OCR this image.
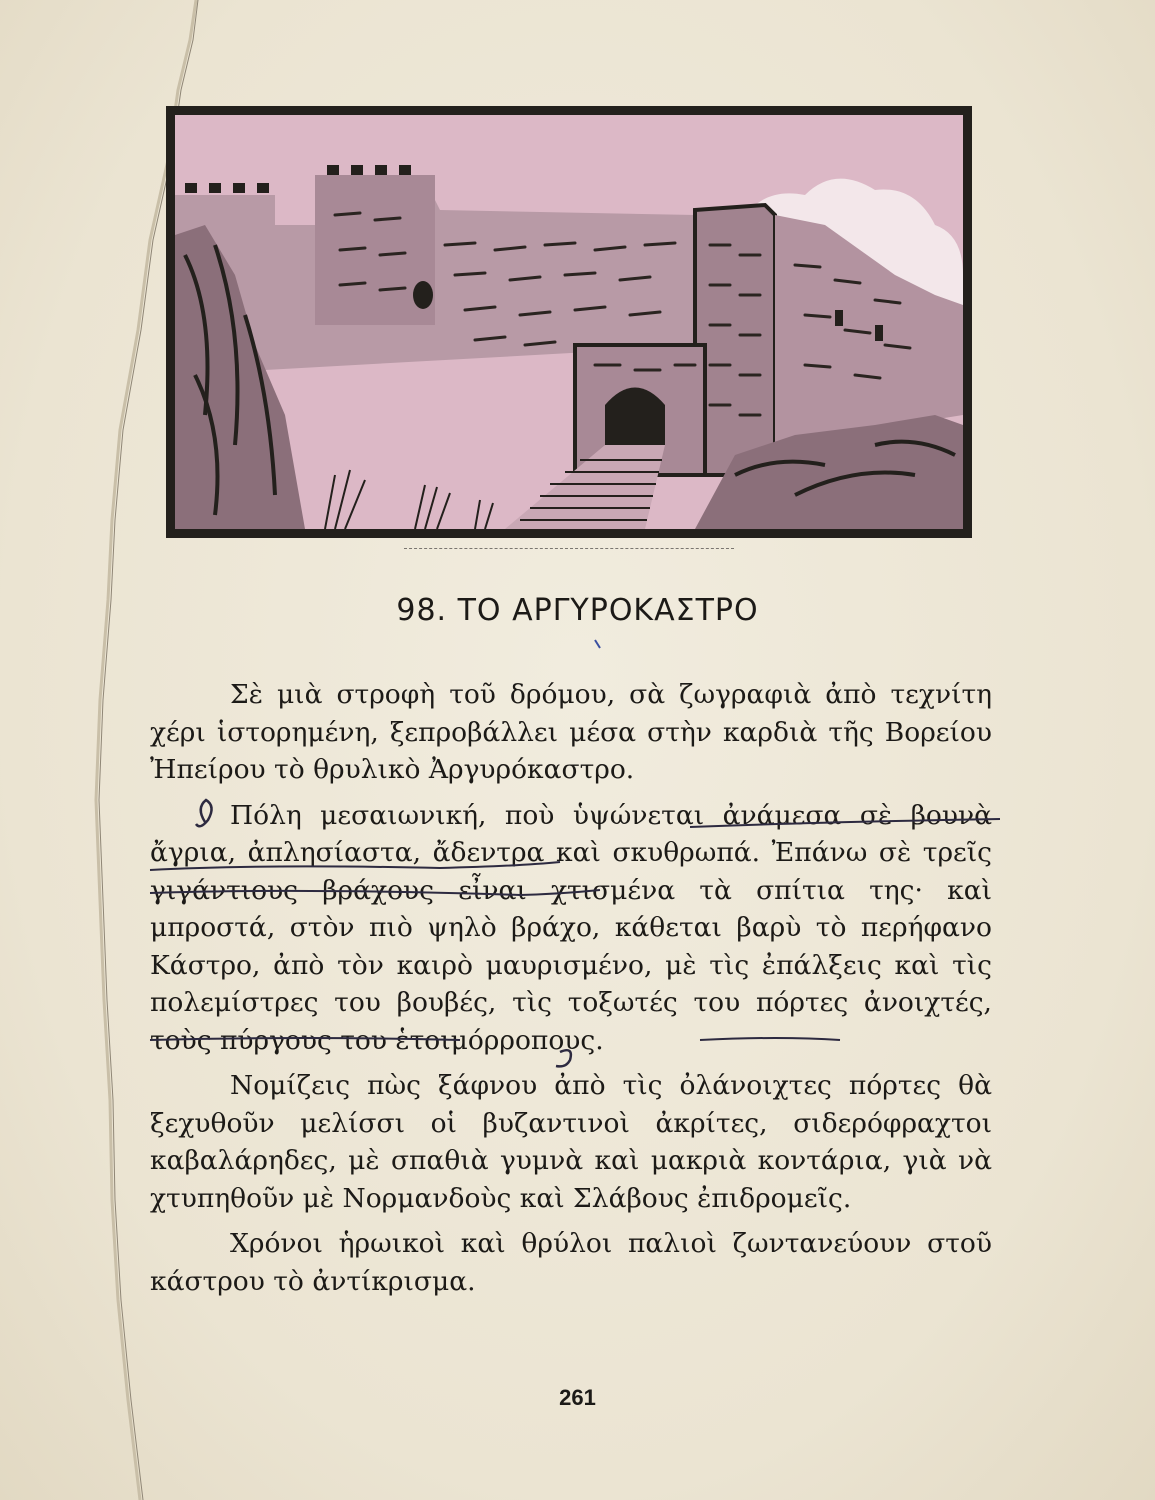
98. ΤΟ ΑΡΓΥΡΟΚΑΣΤΡΟ

Σὲ μιὰ στροφὴ τοῦ δρόμου, σὰ ζωγραφιὰ ἀπὸ τεχνίτη χέρι ἱστορημένη, ξεπροβάλλει μέσα στὴν καρδιὰ τῆς Βορείου Ἠπείρου τὸ θρυλικὸ Ἀργυρόκαστρο.

Πόλη μεσαιωνική, ποὺ ὑψώνεται ἀνάμεσα σὲ βουνὰ ἄγρια, ἀπλησίαστα, ἄδεντρα καὶ σκυθρωπά. Ἐπάνω σὲ τρεῖς γιγάντιους βράχους εἶναι χτισμένα τὰ σπίτια της· καὶ μπροστά, στὸν πιὸ ψηλὸ βράχο, κάθεται βαρὺ τὸ περήφανο Κάστρο, ἀπὸ τὸν καιρὸ μαυρισμένο, μὲ τὶς ἐπάλξεις καὶ τὶς πολεμίστρες του βουβές, τὶς τοξωτές του πόρτες ἀνοιχτές, τοὺς πύργους του ἑτοιμόρροπους.

Νομίζεις πὼς ξάφνου ἀπὸ τὶς ὀλάνοιχτες πόρτες θὰ ξεχυθοῦν μελίσσι οἱ βυζαντινοὶ ἀκρίτες, σιδερόφραχτοι καβαλάρηδες, μὲ σπαθιὰ γυμνὰ καὶ μακριὰ κοντάρια, γιὰ νὰ χτυπηθοῦν μὲ Νορμανδοὺς καὶ Σλάβους ἐπιδρομεῖς.

Χρόνοι ἡρωικοὶ καὶ θρύλοι παλιοὶ ζωντανεύουν στοῦ κάστρου τὸ ἀντίκρισμα.

261
